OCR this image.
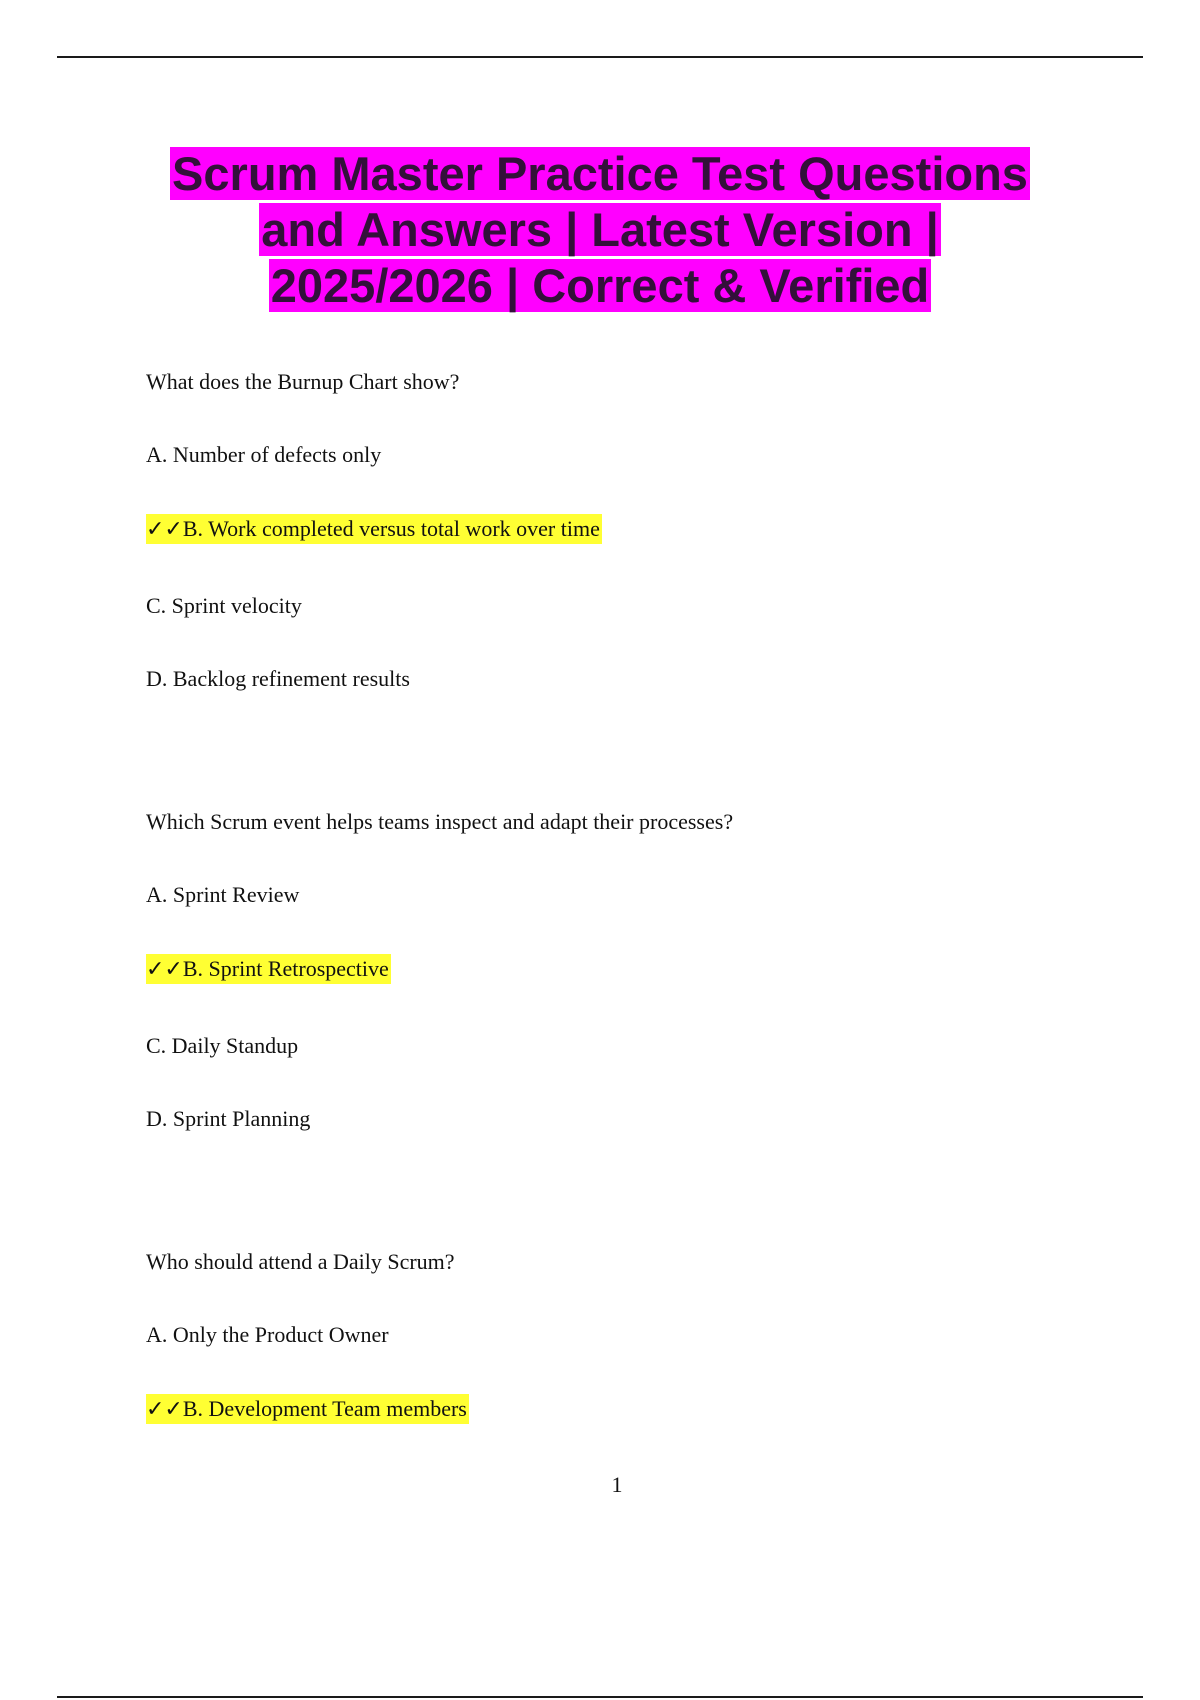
Scrum Master Practice Test Questions
and Answers | Latest Version |
2025/2026 | Correct & Verified
What does the Burnup Chart show?
A. Number of defects only
✓✓B. Work completed versus total work over time
C. Sprint velocity
D. Backlog refinement results
Which Scrum event helps teams inspect and adapt their processes?
A. Sprint Review
✓✓B. Sprint Retrospective
C. Daily Standup
D. Sprint Planning
Who should attend a Daily Scrum?
A. Only the Product Owner
✓✓B. Development Team members
1
